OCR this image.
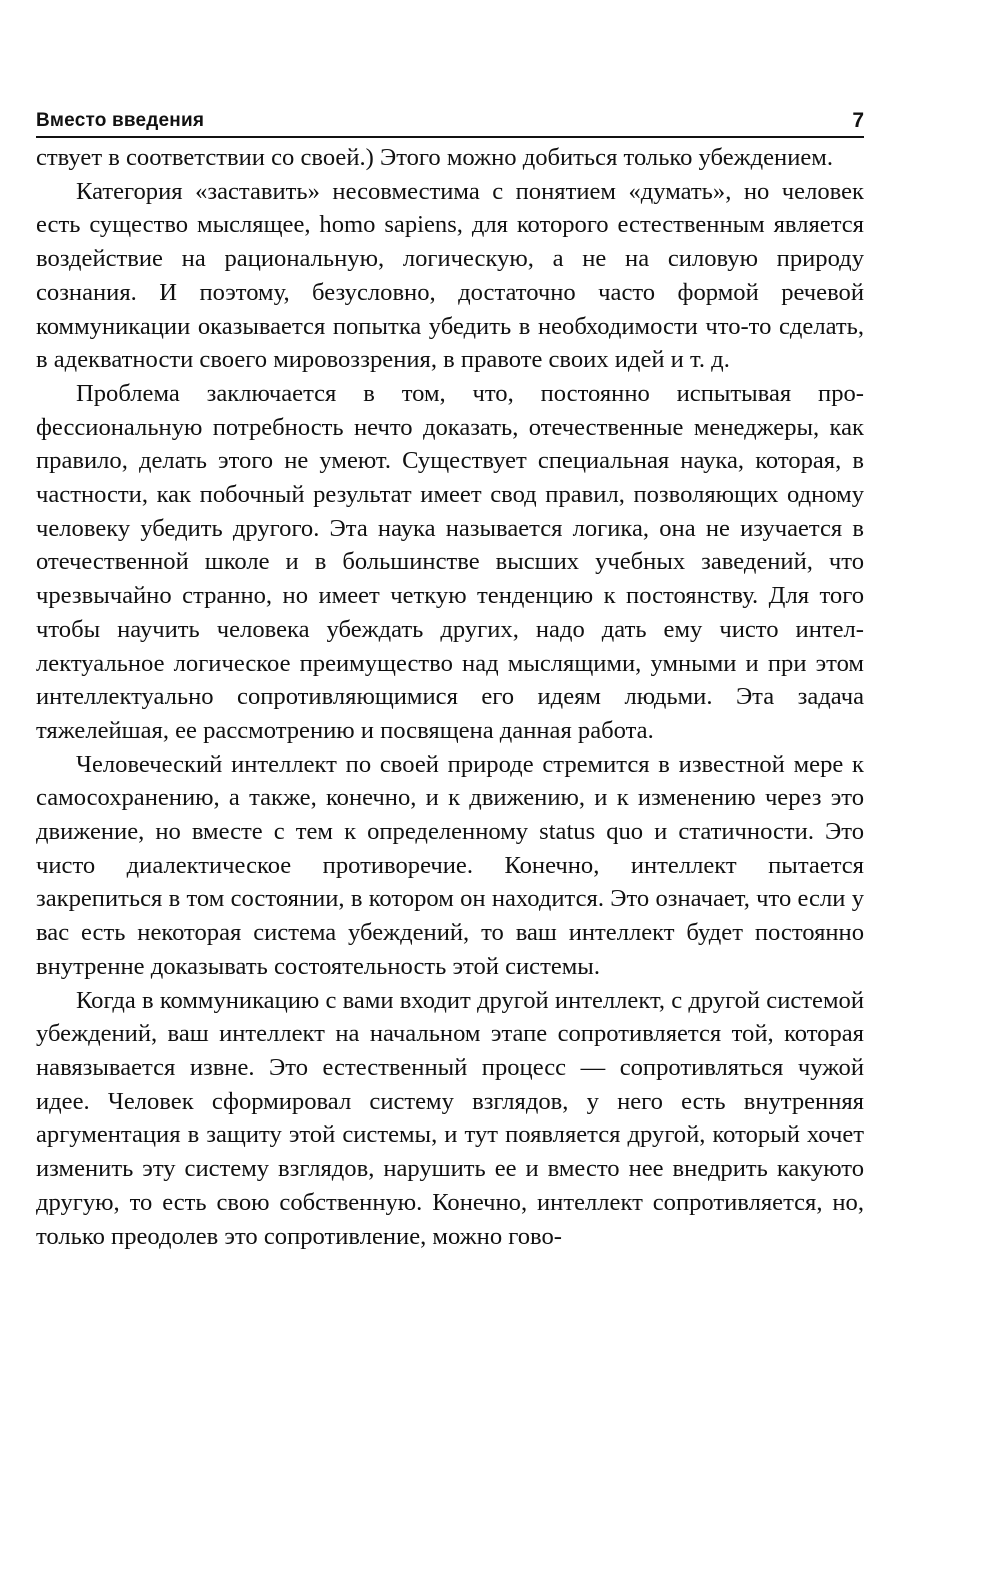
Вместо введения	7

ствует в соответствии со своей.) Этого можно добиться только убеждением.

Категория «заставить» несовместима с понятием «думать», но человек есть существо мыслящее, homo sapiens, для которого естественным является воздействие на рациональную, логическую, а не на силовую природу сознания. И поэтому, безусловно, достаточно часто формой речевой коммуникации оказывается попытка убедить в необходимости что-то сделать, в адекватности своего мировоззрения, в правоте своих идей и т. д.

Проблема заключается в том, что, постоянно испытывая профессиональную потребность нечто доказать, отечественные менеджеры, как правило, делать этого не умеют. Существует специальная наука, которая, в частности, как побочный результат имеет свод правил, позволяющих одному человеку убедить другого. Эта наука называется логика, она не изучается в отечественной школе и в большинстве высших учебных заведений, что чрезвычайно странно, но имеет четкую тенденцию к постоянству. Для того чтобы научить человека убеждать других, надо дать ему чисто интеллектуальное логическое преимущество над мыслящими, умными и при этом интеллектуально сопротивляющимися его идеям людьми. Эта задача тяжелейшая, ее рассмотрению и посвящена данная работа.

Человеческий интеллект по своей природе стремится в известной мере к самосохранению, а также, конечно, и к движению, и к изменению через это движение, но вместе с тем к определенному status quo и статичности. Это чисто диалектическое противоречие. Конечно, интеллект пытается закрепиться в том состоянии, в котором он находится. Это означает, что если у вас есть некоторая система убеждений, то ваш интеллект будет постоянно внутренне доказывать состоятельность этой системы.

Когда в коммуникацию с вами входит другой интеллект, с другой системой убеждений, ваш интеллект на начальном этапе сопротивляется той, которая навязывается извне. Это естественный процесс — сопротивляться чужой идее. Человек сформировал систему взглядов, у него есть внутренняя аргументация в защиту этой системы, и тут появляется другой, который хочет изменить эту систему взглядов, нарушить ее и вместо нее внедрить какуюто другую, то есть свою собственную. Конечно, интеллект сопротивляется, но, только преодолев это сопротивление, можно гово-
